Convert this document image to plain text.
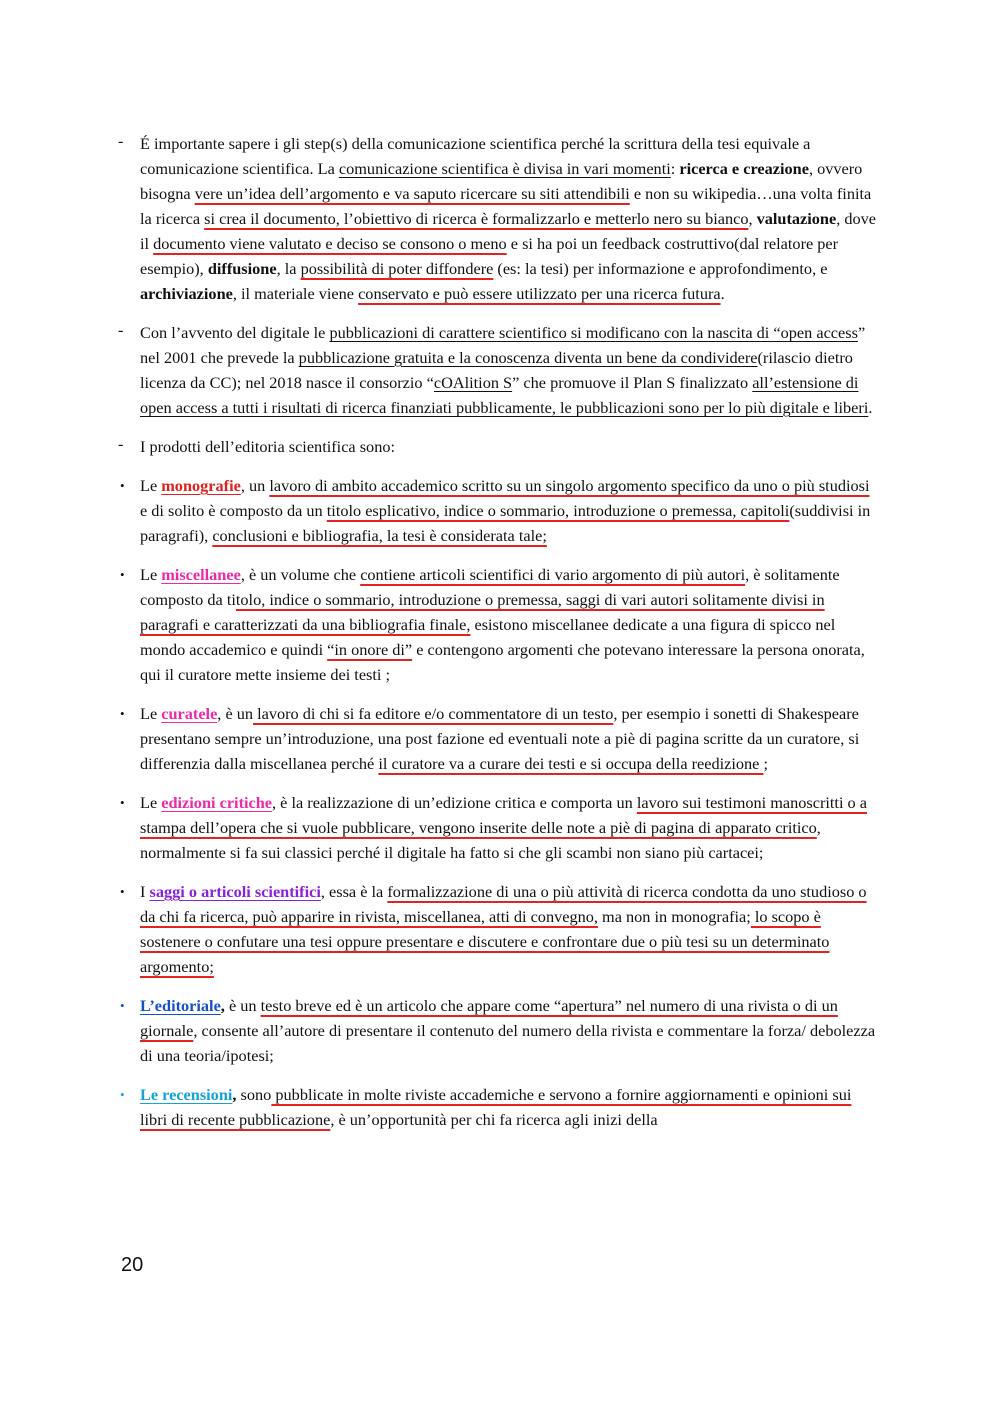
-	É importante sapere i gli step(s) della comunicazione scientifica perché la scrittura della tesi equivale a comunicazione scientifica. La comunicazione scientifica è divisa in vari momenti: ricerca e creazione, ovvero bisogna vere un’idea dell’argomento e va saputo ricercare su siti attendibili e non su wikipedia…una volta finita la ricerca si crea il documento, l’obiettivo di ricerca è formalizzarlo e metterlo nero su bianco, valutazione, dove il documento viene valutato e deciso se consono o meno e si ha poi un feedback costruttivo(dal relatore per esempio), diffusione, la possibilità di poter diffondere (es: la tesi) per informazione e approfondimento, e archiviazione, il materiale viene conservato e può essere utilizzato per una ricerca futura.
-	Con l’avvento del digitale le pubblicazioni di carattere scientifico si modificano con la nascita di “open access” nel 2001 che prevede la pubblicazione gratuita e la conoscenza diventa un bene da condividere(rilascio dietro licenza da CC); nel 2018 nasce il consorzio “cOAlition S” che promuove il Plan S finalizzato all’estensione di open access a tutti i risultati di ricerca finanziati pubblicamente, le pubblicazioni sono per lo più digitale e liberi.
-	I prodotti dell’editoria scientifica sono:
• Le monografie, un lavoro di ambito accademico scritto su un singolo argomento specifico da uno o più studiosi e di solito è composto da un titolo esplicativo, indice o sommario, introduzione o premessa, capitoli(suddivisi in paragrafi), conclusioni e bibliografia, la tesi è considerata tale;
• Le miscellanee, è un volume che contiene articoli scientifici di vario argomento di più autori, è solitamente composto da titolo, indice o sommario, introduzione o premessa, saggi di vari autori solitamente divisi in paragrafi e caratterizzati da una bibliografia finale, esistono miscellanee dedicate a una figura di spicco nel mondo accademico e quindi “in onore di” e contengono argomenti che potevano interessare la persona onorata, qui il curatore mette insieme dei testi ;
• Le curatele, è un lavoro di chi si fa editore e/o commentatore di un testo, per esempio i sonetti di Shakespeare presentano sempre un’introduzione, una post fazione ed eventuali note a piè di pagina scritte da un curatore, si differenzia dalla miscellanea perché il curatore va a curare dei testi e si occupa della reedizione ;
• Le edizioni critiche, è la realizzazione di un’edizione critica e comporta un lavoro sui testimoni manoscritti o a stampa dell’opera che si vuole pubblicare, vengono inserite delle note a piè di pagina di apparato critico, normalmente si fa sui classici perché il digitale ha fatto si che gli scambi non siano più cartacei;
• I saggi o articoli scientifici, essa è la formalizzazione di una o più attività di ricerca condotta da uno studioso o da chi fa ricerca, può apparire in rivista, miscellanea, atti di convegno, ma non in monografia; lo scopo è sostenere o confutare una tesi oppure presentare e discutere e confrontare due o più tesi su un determinato argomento;
• L’editoriale, è un testo breve ed è un articolo che appare come “apertura” nel numero di una rivista o di un giornale, consente all’autore di presentare il contenuto del numero della rivista e commentare la forza/ debolezza di una teoria/ipotesi;
• Le recensioni, sono pubblicate in molte riviste accademiche e servono a fornire aggiornamenti e opinioni sui libri di recente pubblicazione, è un’opportunità per chi fa ricerca agli inizi della
20
